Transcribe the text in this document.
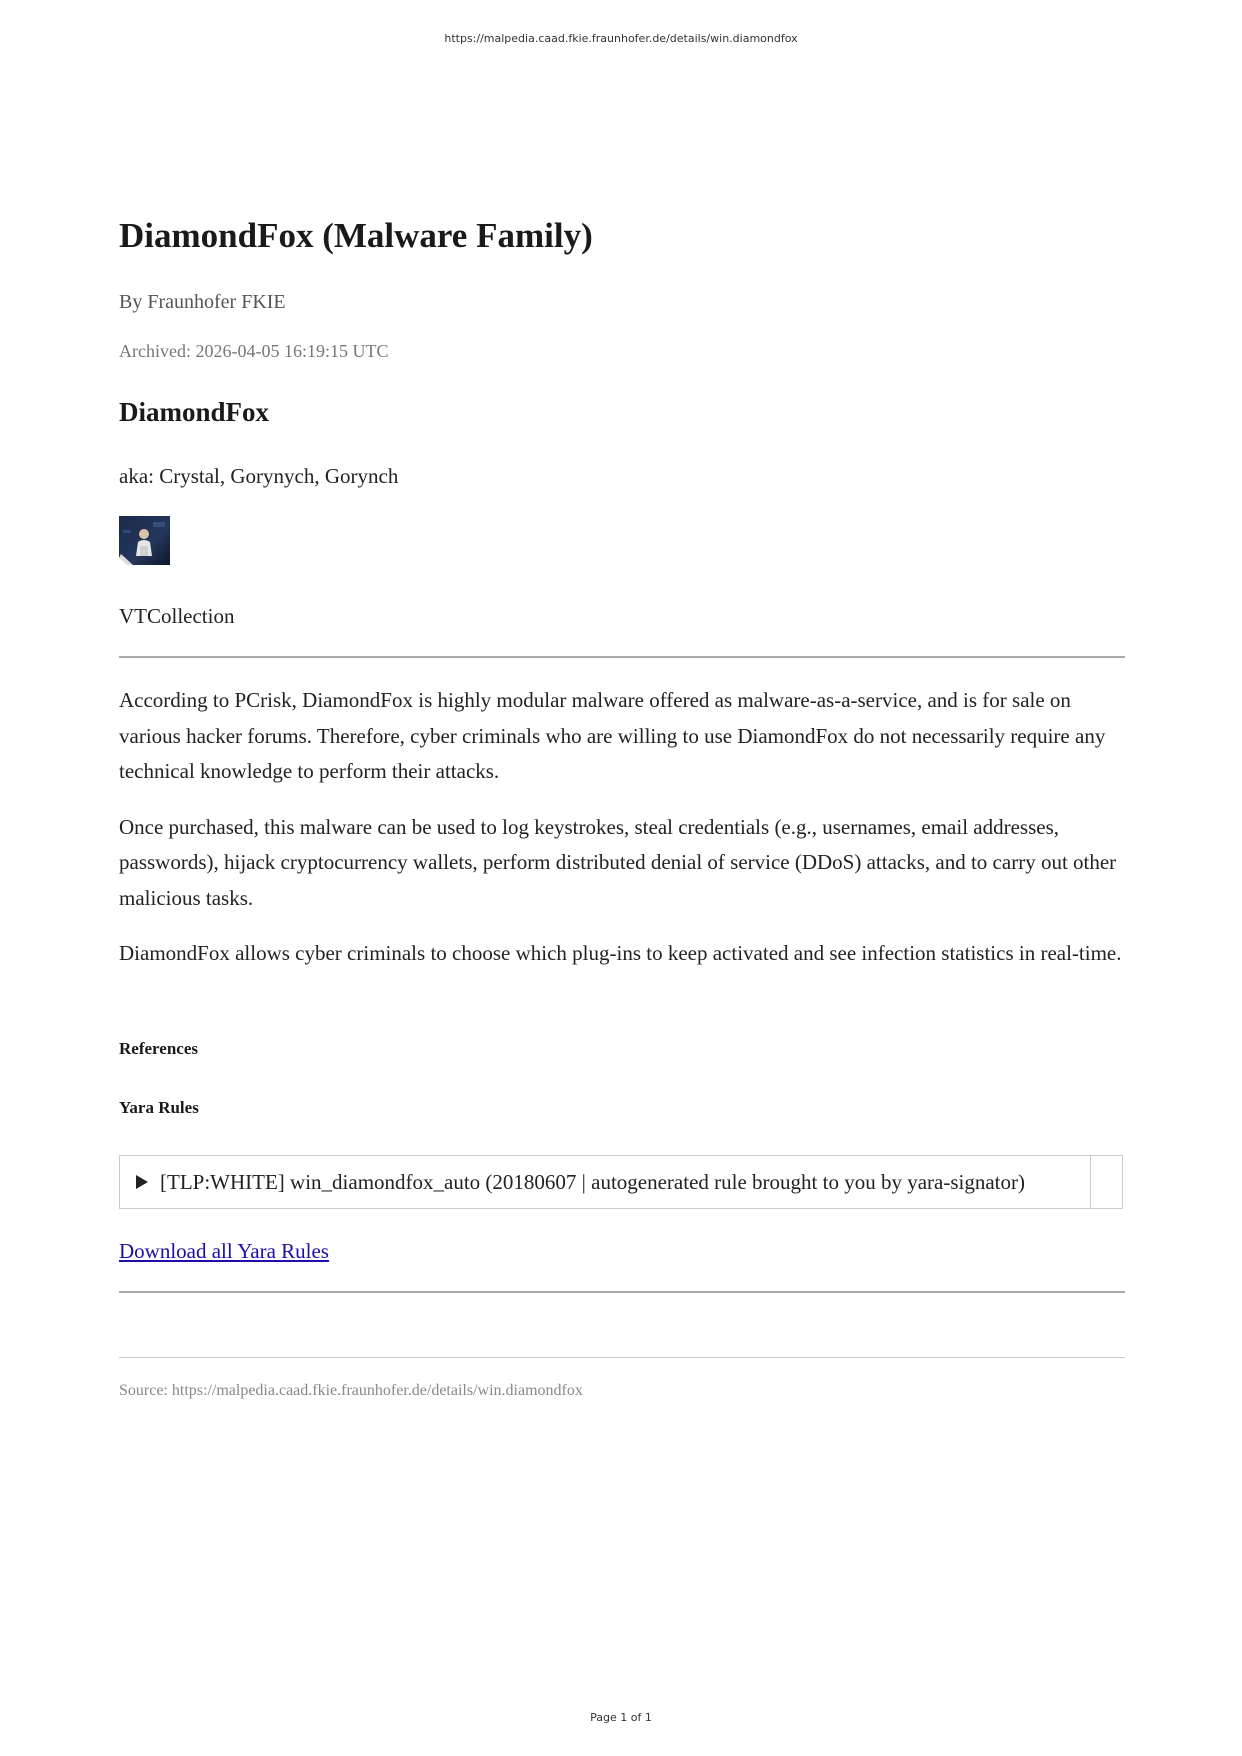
https://malpedia.caad.fkie.fraunhofer.de/details/win.diamondfox
DiamondFox (Malware Family)
By Fraunhofer FKIE
Archived: 2026-04-05 16:19:15 UTC
DiamondFox
aka: Crystal, Gorynych, Gorynch
VTCollection

According to PCrisk, DiamondFox is highly modular malware offered as malware-as-a-service, and is for sale on various hacker forums. Therefore, cyber criminals who are willing to use DiamondFox do not necessarily require any technical knowledge to perform their attacks.

Once purchased, this malware can be used to log keystrokes, steal credentials (e.g., usernames, email addresses, passwords), hijack cryptocurrency wallets, perform distributed denial of service (DDoS) attacks, and to carry out other malicious tasks.

DiamondFox allows cyber criminals to choose which plug-ins to keep activated and see infection statistics in real-time.

References
Yara Rules
[TLP:WHITE] win_diamondfox_auto (20180607 | autogenerated rule brought to you by yara-signator)
Download all Yara Rules
Source: https://malpedia.caad.fkie.fraunhofer.de/details/win.diamondfox
Page 1 of 1
